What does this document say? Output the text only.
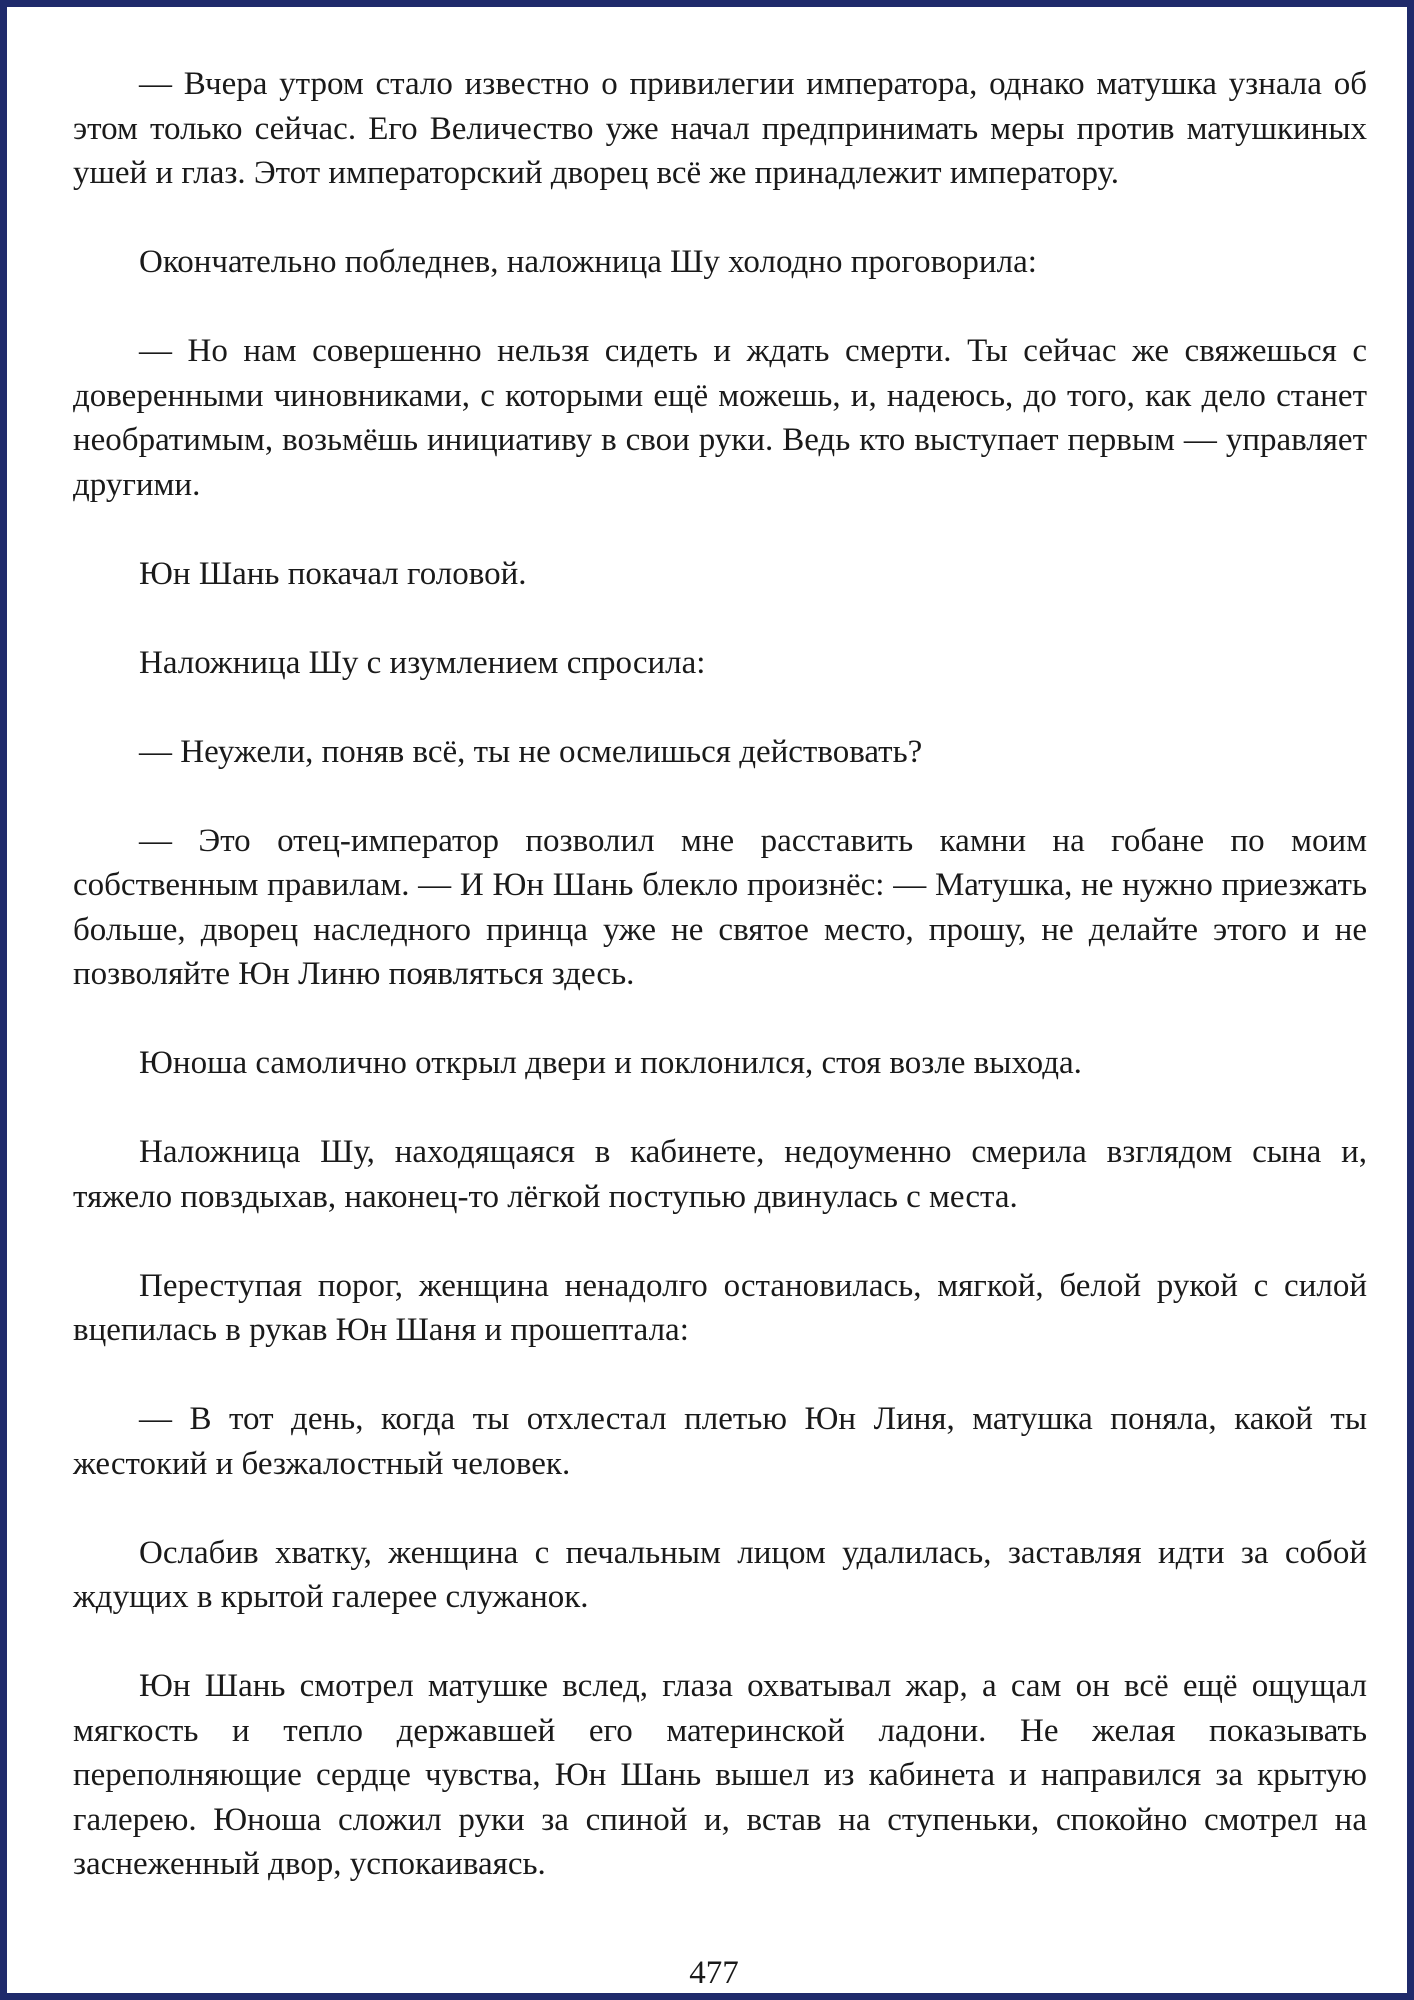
— Вчера утром стало известно о привилегии императора, однако матушка узнала об этом только сейчас. Его Величество уже начал предпринимать меры против матушкиных ушей и глаз. Этот императорский дворец всё же принадлежит императору.

Окончательно побледнев, наложница Шу холодно проговорила:

— Но нам совершенно нельзя сидеть и ждать смерти. Ты сейчас же свяжешься с доверенными чиновниками, с которыми ещё можешь, и, надеюсь, до того, как дело станет необратимым, возьмёшь инициативу в свои руки. Ведь кто выступает первым — управляет другими.

Юн Шань покачал головой.

Наложница Шу с изумлением спросила:

— Неужели, поняв всё, ты не осмелишься действовать?

— Это отец-император позволил мне расставить камни на гобане по моим собственным правилам. — И Юн Шань блекло произнёс: — Матушка, не нужно приезжать больше, дворец наследного принца уже не святое место, прошу, не делайте этого и не позволяйте Юн Линю появляться здесь.

Юноша самолично открыл двери и поклонился, стоя возле выхода.

Наложница Шу, находящаяся в кабинете, недоуменно смерила взглядом сына и, тяжело повздыхав, наконец-то лёгкой поступью двинулась с места.

Переступая порог, женщина ненадолго остановилась, мягкой, белой рукой с силой вцепилась в рукав Юн Шаня и прошептала:

— В тот день, когда ты отхлестал плетью Юн Линя, матушка поняла, какой ты жестокий и безжалостный человек.

Ослабив хватку, женщина с печальным лицом удалилась, заставляя идти за собой ждущих в крытой галерее служанок.

Юн Шань смотрел матушке вслед, глаза охватывал жар, а сам он всё ещё ощущал мягкость и тепло державшей его материнской ладони. Не желая показывать переполняющие сердце чувства, Юн Шань вышел из кабинета и направился за крытую галерею. Юноша сложил руки за спиной и, встав на ступеньки, спокойно смотрел на заснеженный двор, успокаиваясь.

477
